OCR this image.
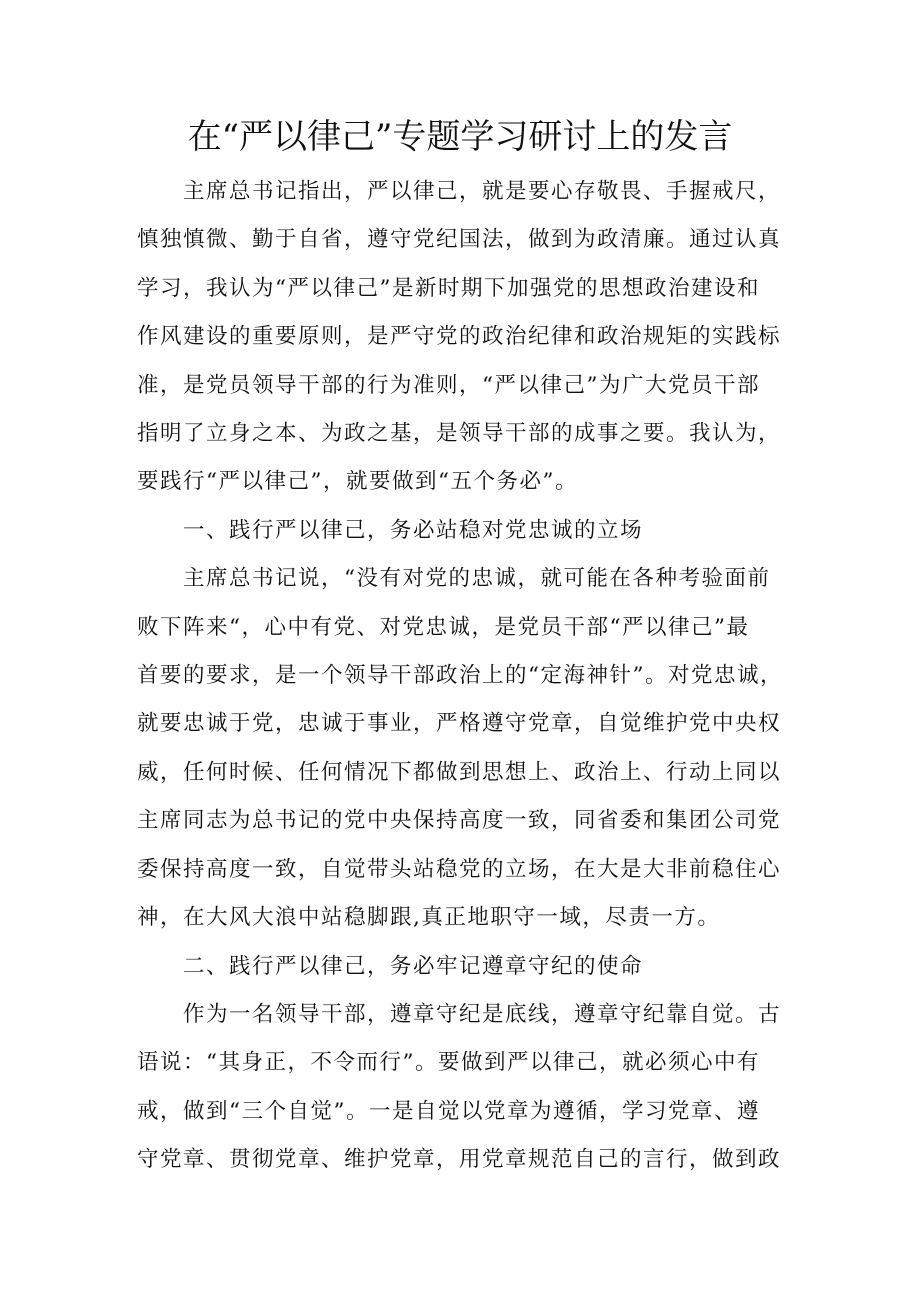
在“严以律己”专题学习研讨上的发言

主席总书记指出，严以律己，就是要心存敬畏、手握戒尺，
慎独慎微、勤于自省，遵守党纪国法，做到为政清廉。通过认真
学习，我认为“严以律己”是新时期下加强党的思想政治建设和
作风建设的重要原则，是严守党的政治纪律和政治规矩的实践标
准，是党员领导干部的行为准则，“严以律己”为广大党员干部
指明了立身之本、为政之基，是领导干部的成事之要。我认为，
要践行“严以律己”，就要做到“五个务必”。

一、践行严以律己，务必站稳对党忠诚的立场

主席总书记说，“没有对党的忠诚，就可能在各种考验面前
败下阵来“，心中有党、对党忠诚，是党员干部“严以律己”最
首要的要求，是一个领导干部政治上的“定海神针”。对党忠诚，
就要忠诚于党，忠诚于事业，严格遵守党章，自觉维护党中央权
威，任何时候、任何情况下都做到思想上、政治上、行动上同以
主席同志为总书记的党中央保持高度一致，同省委和集团公司党
委保持高度一致，自觉带头站稳党的立场，在大是大非前稳住心
神，在大风大浪中站稳脚跟,真正地职守一域，尽责一方。

二、践行严以律己，务必牢记遵章守纪的使命

作为一名领导干部，遵章守纪是底线，遵章守纪靠自觉。古
语说：“其身正，不令而行”。要做到严以律己，就必须心中有
戒，做到“三个自觉”。一是自觉以党章为遵循，学习党章、遵
守党章、贯彻党章、维护党章，用党章规范自己的言行，做到政
